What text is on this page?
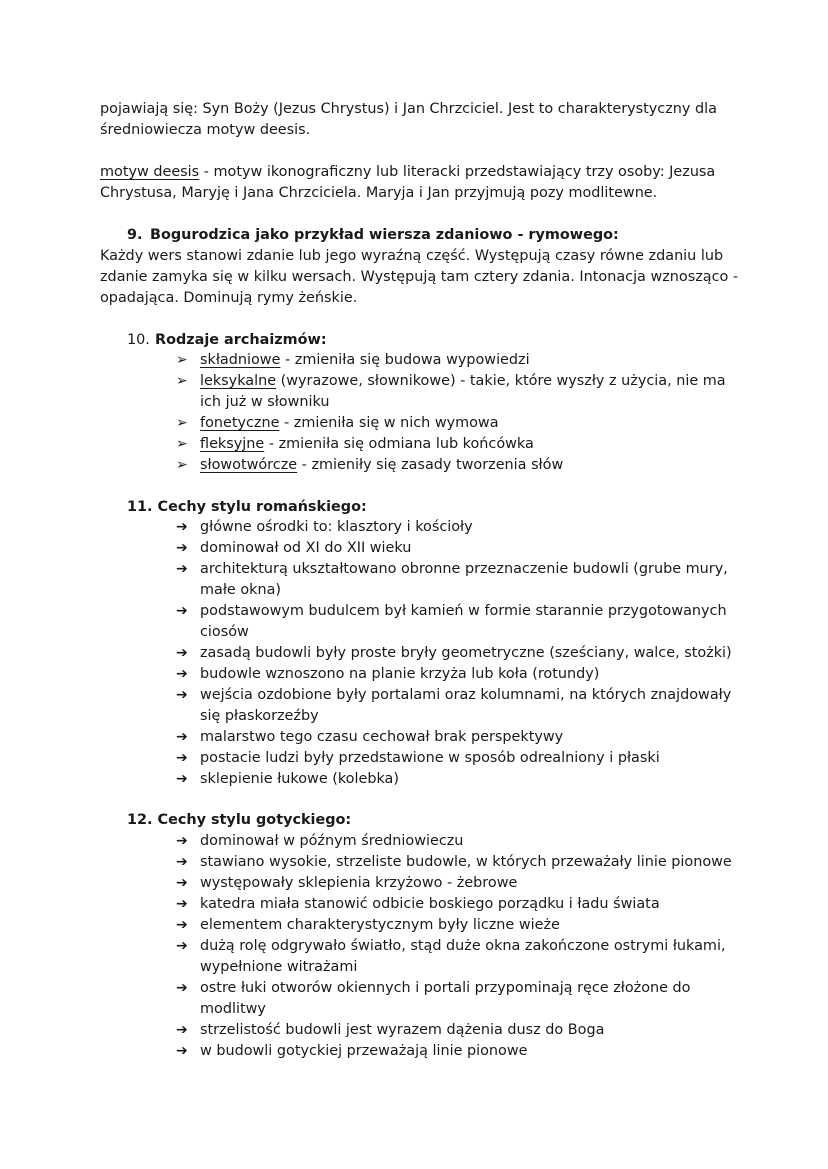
pojawiają się: Syn Boży (Jezus Chrystus) i Jan Chrzciciel. Jest to charakterystyczny dla
średniowiecza motyw deesis.
motyw deesis - motyw ikonograficzny lub literacki przedstawiający trzy osoby: Jezusa
Chrystusa, Maryję i Jana Chrzciciela. Maryja i Jan przyjmują pozy modlitewne.
9. Bogurodzica jako przykład wiersza zdaniowo - rymowego:
Każdy wers stanowi zdanie lub jego wyraźną część. Występują czasy równe zdaniu lub
zdanie zamyka się w kilku wersach. Występują tam cztery zdania. Intonacja wznosząco -
opadająca. Dominują rymy żeńskie.
10. Rodzaje archaizmów:
➢ składniowe - zmieniła się budowa wypowiedzi
➢ leksykalne (wyrazowe, słownikowe) - takie, które wyszły z użycia, nie ma
ich już w słowniku
➢ fonetyczne - zmieniła się w nich wymowa
➢ fleksyjne - zmieniła się odmiana lub końcówka
➢ słowotwórcze - zmieniły się zasady tworzenia słów
11. Cechy stylu romańskiego:
➔ główne ośrodki to: klasztory i kościoły
➔ dominował od XI do XII wieku
➔ architekturą ukształtowano obronne przeznaczenie budowli (grube mury,
małe okna)
➔ podstawowym budulcem był kamień w formie starannie przygotowanych
ciosów
➔ zasadą budowli były proste bryły geometryczne (sześciany, walce, stożki)
➔ budowle wznoszono na planie krzyża lub koła (rotundy)
➔ wejścia ozdobione były portalami oraz kolumnami, na których znajdowały
się płaskorzeźby
➔ malarstwo tego czasu cechował brak perspektywy
➔ postacie ludzi były przedstawione w sposób odrealniony i płaski
➔ sklepienie łukowe (kolebka)
12. Cechy stylu gotyckiego:
➔ dominował w późnym średniowieczu
➔ stawiano wysokie, strzeliste budowle, w których przeważały linie pionowe
➔ występowały sklepienia krzyżowo - żebrowe
➔ katedra miała stanowić odbicie boskiego porządku i ładu świata
➔ elementem charakterystycznym były liczne wieże
➔ dużą rolę odgrywało światło, stąd duże okna zakończone ostrymi łukami,
wypełnione witrażami
➔ ostre łuki otworów okiennych i portali przypominają ręce złożone do
modlitwy
➔ strzelistość budowli jest wyrazem dążenia dusz do Boga
➔ w budowli gotyckiej przeważają linie pionowe
